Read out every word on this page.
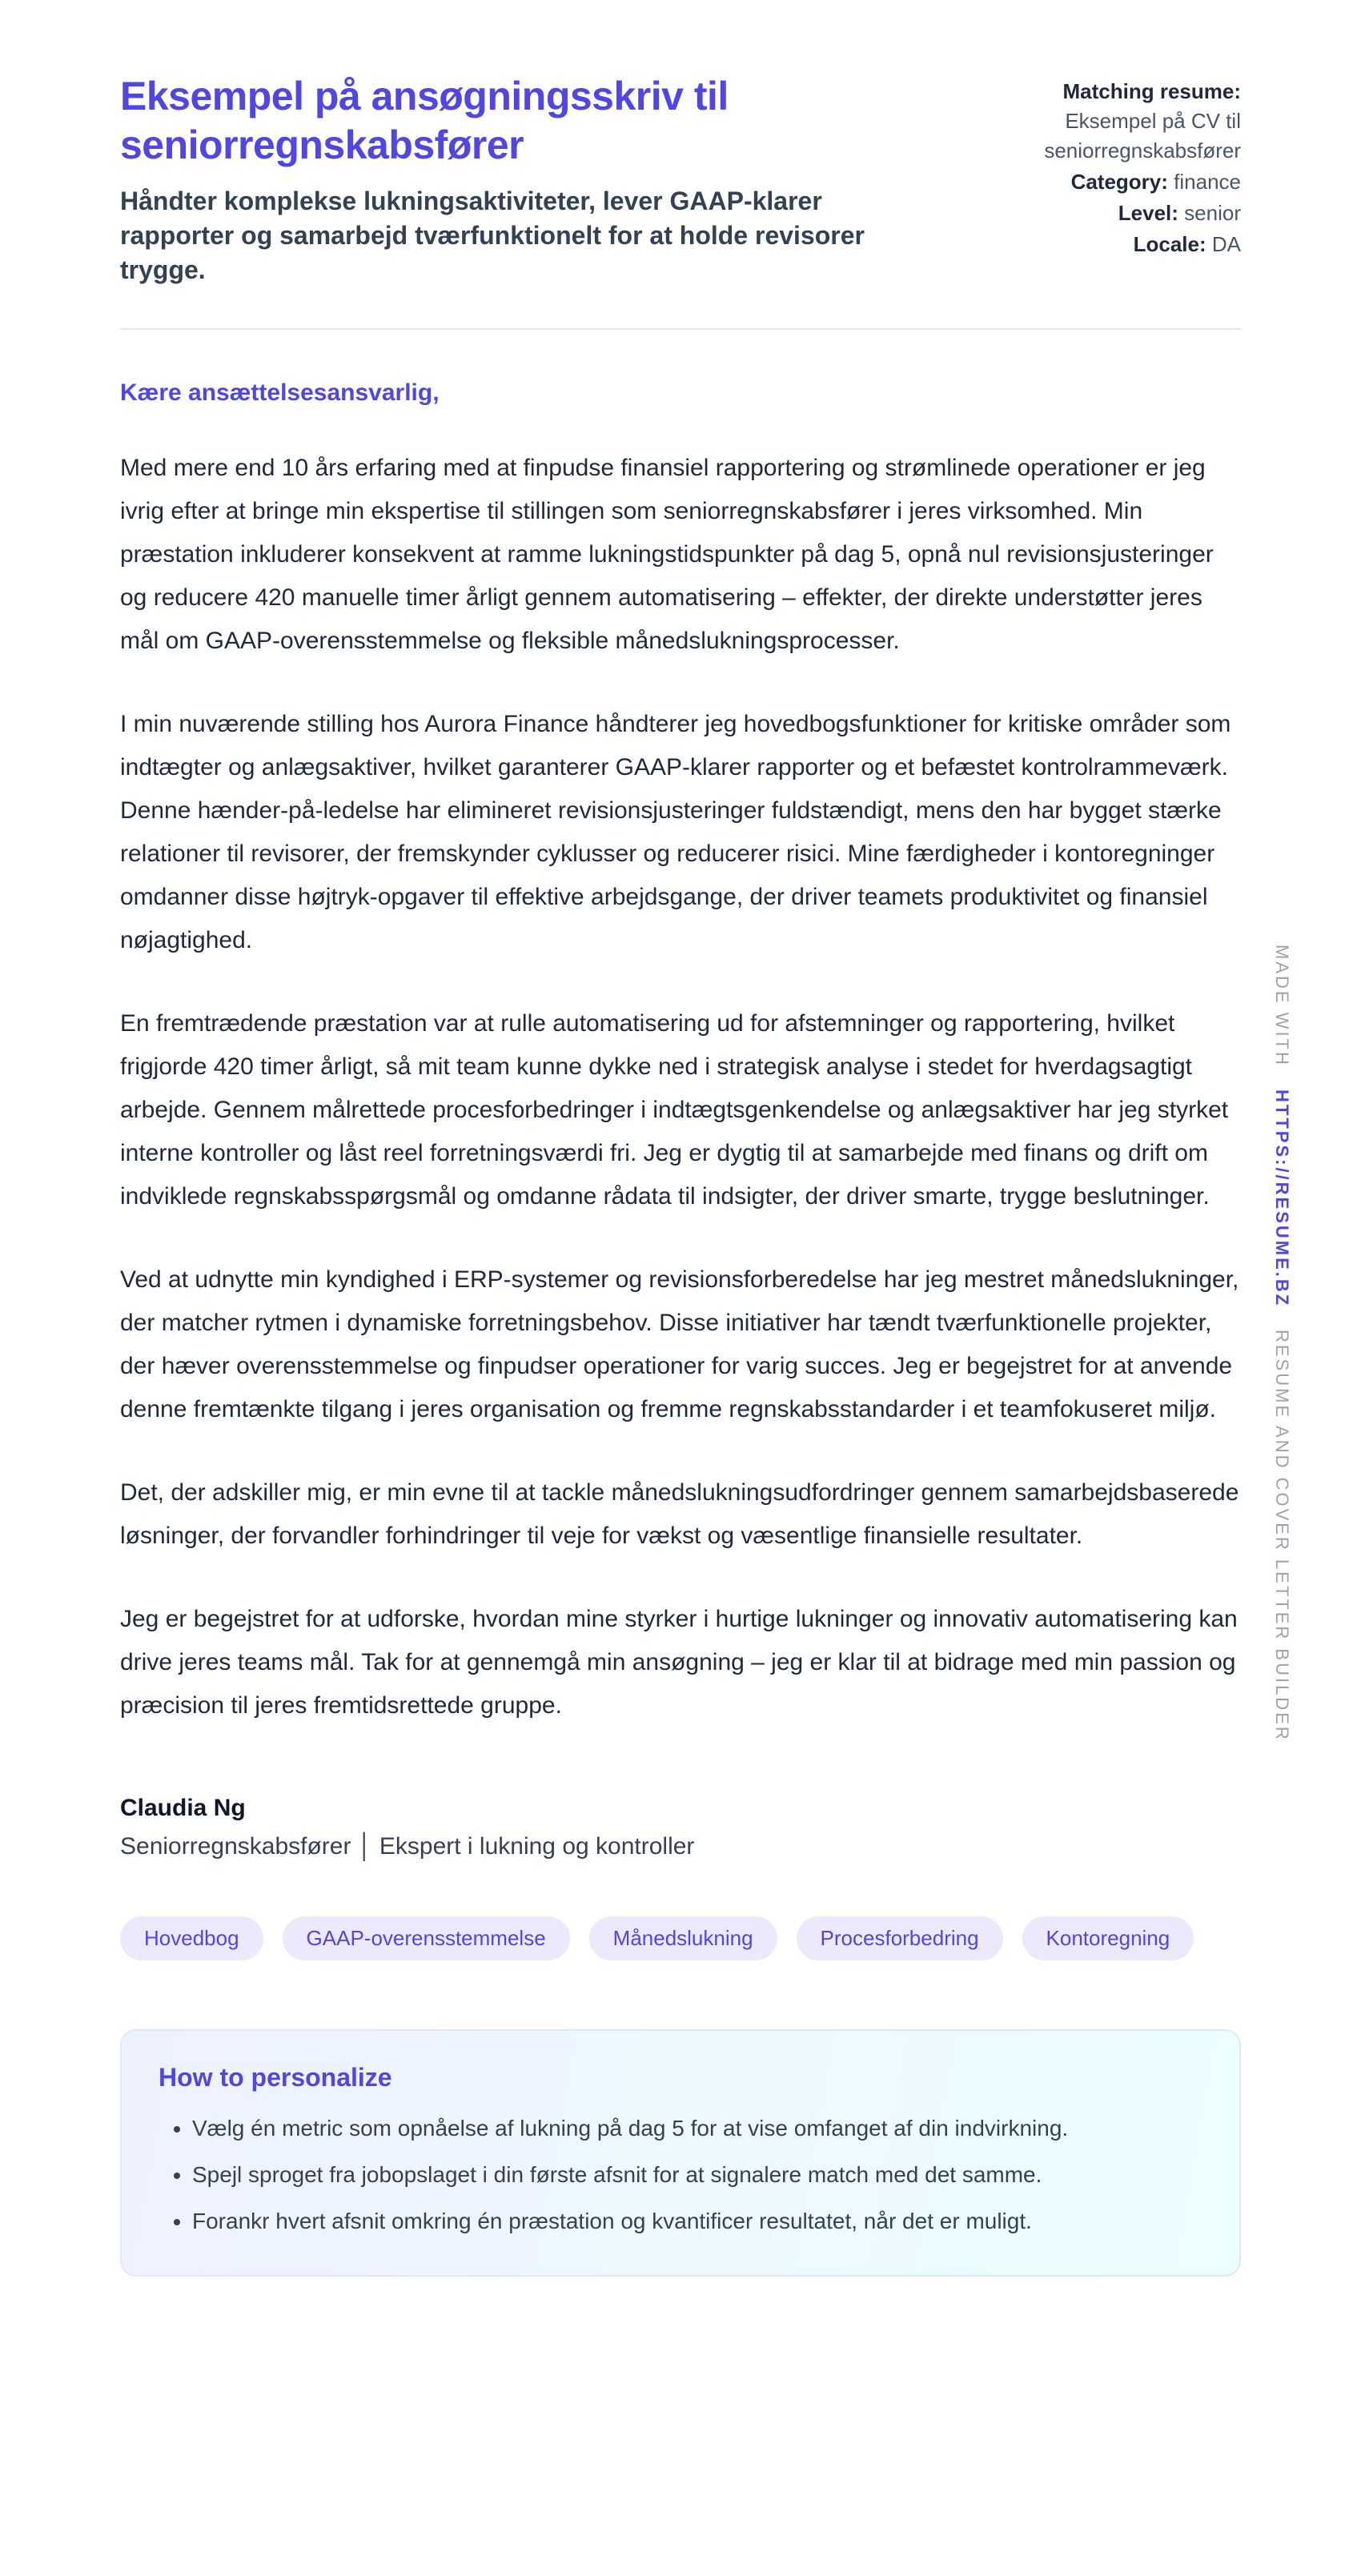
Eksempel på ansøgningsskriv til seniorregnskabsfører

Håndter komplekse lukningsaktiviteter, lever GAAP-klarer rapporter og samarbejd tværfunktionelt for at holde revisorer trygge.

Matching resume: Eksempel på CV til seniorregnskabsfører
Category: finance
Level: senior
Locale: DA

Kære ansættelsesansvarlig,

Med mere end 10 års erfaring med at finpudse finansiel rapportering og strømlinede operationer er jeg ivrig efter at bringe min ekspertise til stillingen som seniorregnskabsfører i jeres virksomhed. Min præstation inkluderer konsekvent at ramme lukningstidspunkter på dag 5, opnå nul revisionsjusteringer og reducere 420 manuelle timer årligt gennem automatisering – effekter, der direkte understøtter jeres mål om GAAP-overensstemmelse og fleksible månedslukningsprocesser.

I min nuværende stilling hos Aurora Finance håndterer jeg hovedbogsfunktioner for kritiske områder som indtægter og anlægsaktiver, hvilket garanterer GAAP-klarer rapporter og et befæstet kontrolrammeværk. Denne hænder-på-ledelse har elimineret revisionsjusteringer fuldstændigt, mens den har bygget stærke relationer til revisorer, der fremskynder cyklusser og reducerer risici. Mine færdigheder i kontoregninger omdanner disse højtryk-opgaver til effektive arbejdsgange, der driver teamets produktivitet og finansiel nøjagtighed.

En fremtrædende præstation var at rulle automatisering ud for afstemninger og rapportering, hvilket frigjorde 420 timer årligt, så mit team kunne dykke ned i strategisk analyse i stedet for hverdagsagtigt arbejde. Gennem målrettede procesforbedringer i indtægtsgenkendelse og anlægsaktiver har jeg styrket interne kontroller og låst reel forretningsværdi fri. Jeg er dygtig til at samarbejde med finans og drift om indviklede regnskabsspørgsmål og omdanne rådata til indsigter, der driver smarte, trygge beslutninger.

Ved at udnytte min kyndighed i ERP-systemer og revisionsforberedelse har jeg mestret månedslukninger, der matcher rytmen i dynamiske forretningsbehov. Disse initiativer har tændt tværfunktionelle projekter, der hæver overensstemmelse og finpudser operationer for varig succes. Jeg er begejstret for at anvende denne fremtænkte tilgang i jeres organisation og fremme regnskabsstandarder i et teamfokuseret miljø.

Det, der adskiller mig, er min evne til at tackle månedslukningsudfordringer gennem samarbejdsbaserede løsninger, der forvandler forhindringer til veje for vækst og væsentlige finansielle resultater.

Jeg er begejstret for at udforske, hvordan mine styrker i hurtige lukninger og innovativ automatisering kan drive jeres teams mål. Tak for at gennemgå min ansøgning – jeg er klar til at bidrage med min passion og præcision til jeres fremtidsrettede gruppe.

Claudia Ng

Seniorregnskabsfører │ Ekspert i lukning og kontroller

Hovedbog	GAAP-overensstemmelse	Månedslukning	Procesforbedring	Kontoregning
How to personalize
• Vælg én metric som opnåelse af lukning på dag 5 for at vise omfanget af din indvirkning.
• Spejl sproget fra jobopslaget i din første afsnit for at signalere match med det samme.
• Forankr hvert afsnit omkring én præstation og kvantificer resultatet, når det er muligt.
MADE WITH
HTTPS://RESUME.BZ
RESUME AND COVER LETTER BUILDER
